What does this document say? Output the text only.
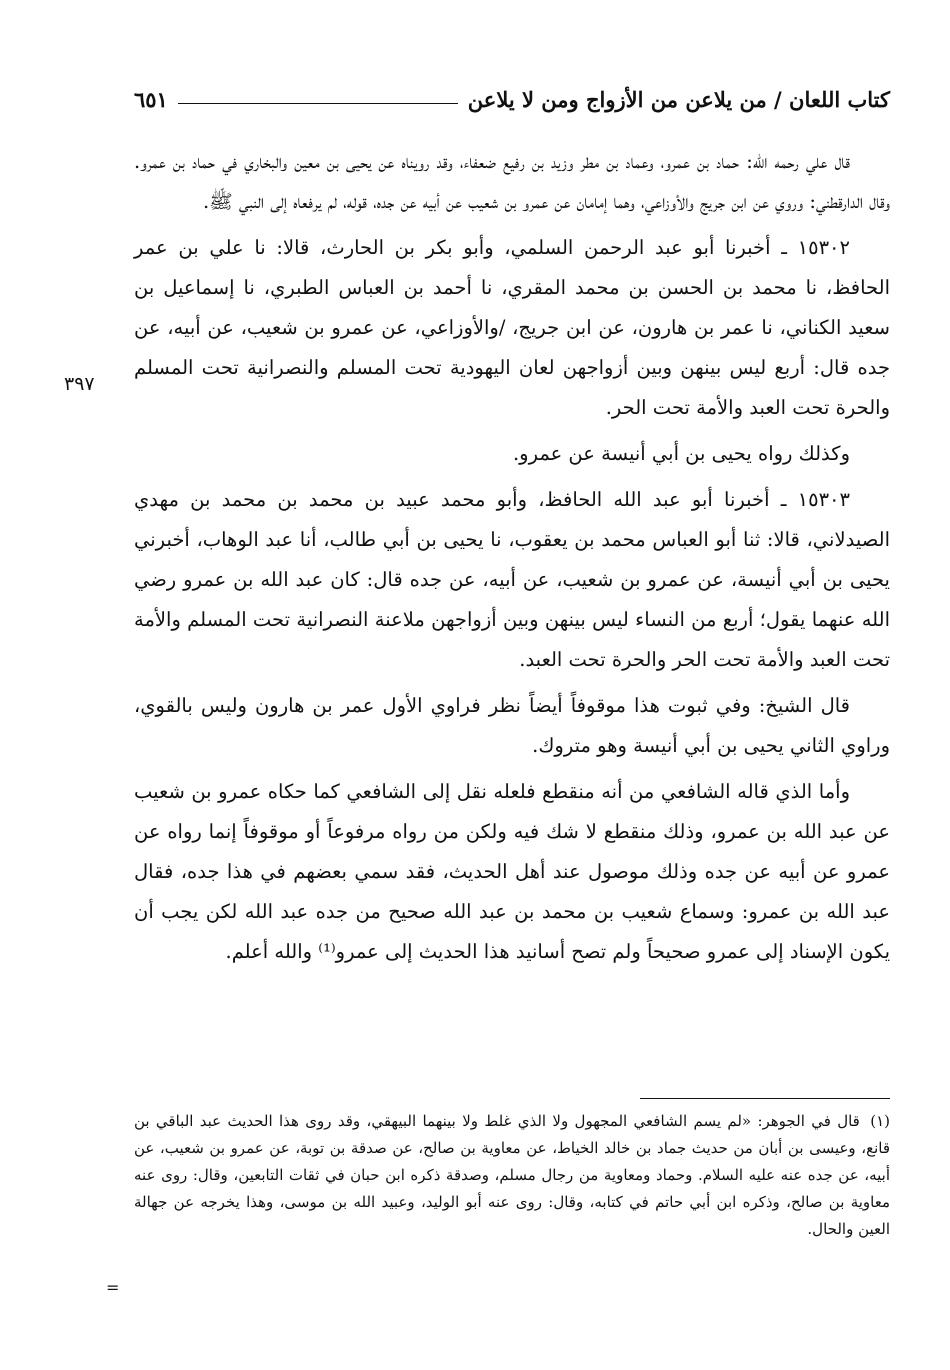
كتاب اللعان / من يلاعن من الأزواج ومن لا يلاعن
٦٥١
٣٩٧

قال علي رحمه الله: حماد بن عمرو، وعماد بن مطر وزيد بن رفيع ضعفاء، وقد رويناه عن يحيى بن معين والبخاري في حماد بن عمرو. وقال الدارقطني: وروي عن ابن جريج والأوزاعي، وهما إمامان عن عمرو بن شعيب عن أبيه عن جده، قوله، لم يرفعاه إلى النبي ﷺ.

١٥٣٠٢ ـ أخبرنا أبو عبد الرحمن السلمي، وأبو بكر بن الحارث، قالا: نا علي بن عمر الحافظ، نا محمد بن الحسن بن محمد المقري، نا أحمد بن العباس الطبري، نا إسماعيل بن سعيد الكناني، نا عمر بن هارون، عن ابن جريج، /والأوزاعي، عن عمرو بن شعيب، عن أبيه، عن جده قال: أربع ليس بينهن وبين أزواجهن لعان اليهودية تحت المسلم والنصرانية تحت المسلم والحرة تحت العبد والأمة تحت الحر.

وكذلك رواه يحيى بن أبي أنيسة عن عمرو.

١٥٣٠٣ ـ أخبرنا أبو عبد الله الحافظ، وأبو محمد عبيد بن محمد بن محمد بن مهدي الصيدلاني، قالا: ثنا أبو العباس محمد بن يعقوب، نا يحيى بن أبي طالب، أنا عبد الوهاب، أخبرني يحيى بن أبي أنيسة، عن عمرو بن شعيب، عن أبيه، عن جده قال: كان عبد الله بن عمرو رضي الله عنهما يقول؛ أربع من النساء ليس بينهن وبين أزواجهن ملاعنة النصرانية تحت المسلم والأمة تحت العبد والأمة تحت الحر والحرة تحت العبد.

قال الشيخ: وفي ثبوت هذا موقوفاً أيضاً نظر فراوي الأول عمر بن هارون وليس بالقوي، وراوي الثاني يحيى بن أبي أنيسة وهو متروك.

وأما الذي قاله الشافعي من أنه منقطع فلعله نقل إلى الشافعي كما حكاه عمرو بن شعيب عن عبد الله بن عمرو، وذلك منقطع لا شك فيه ولكن من رواه مرفوعاً أو موقوفاً إنما رواه عن عمرو عن أبيه عن جده وذلك موصول عند أهل الحديث، فقد سمي بعضهم في هذا جده، فقال عبد الله بن عمرو: وسماع شعيب بن محمد بن عبد الله صحيح من جده عبد الله لكن يجب أن يكون الإسناد إلى عمرو صحيحاً ولم تصح أسانيد هذا الحديث إلى عمرو⁽¹⁾ والله أعلم.

(١) قال في الجوهر: «لم يسم الشافعي المجهول ولا الذي غلط ولا بينهما البيهقي، وقد روى هذا الحديث عبد الباقي بن قانع، وعيسى بن أبان من حديث جماد بن خالد الخياط، عن معاوية بن صالح، عن صدقة بن توبة، عن عمرو بن شعيب، عن أبيه، عن جده عنه عليه السلام. وحماد ومعاوية من رجال مسلم، وصدقة ذكره ابن حبان في ثقات التابعين، وقال: روى عنه معاوية بن صالح، وذكره ابن أبي حاتم في كتابه، وقال: روى عنه أبو الوليد، وعبيد الله بن موسى، وهذا يخرجه عن جهالة العين والحال.

=
